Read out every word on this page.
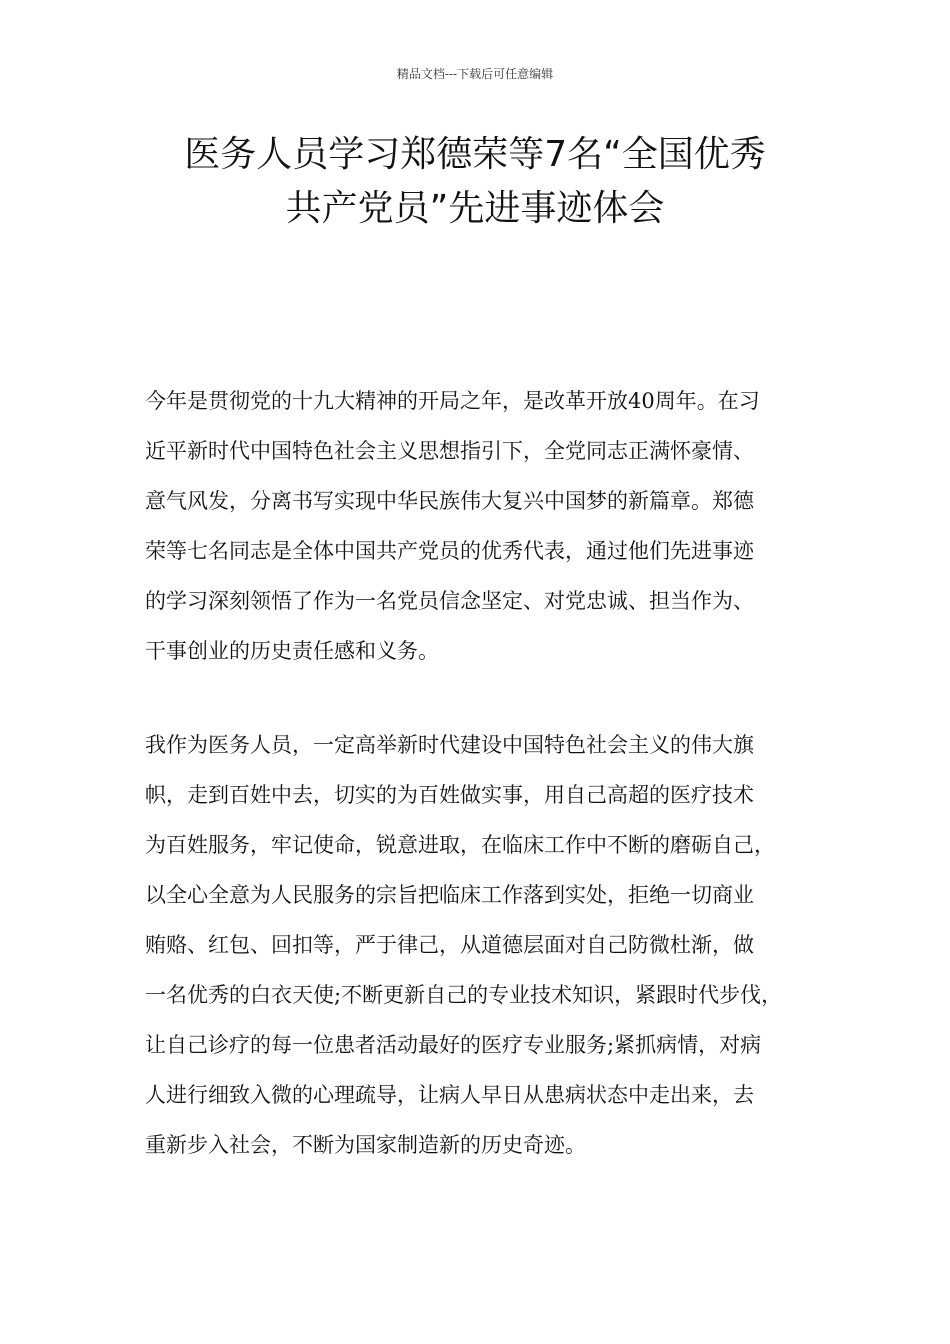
精品文档---下载后可任意编辑
医务人员学习郑德荣等7名“全国优秀
共产党员”先进事迹体会
今年是贯彻党的十九大精神的开局之年，是改革开放40周年。在习
近平新时代中国特色社会主义思想指引下，全党同志正满怀豪情、
意气风发，分离书写实现中华民族伟大复兴中国梦的新篇章。郑德
荣等七名同志是全体中国共产党员的优秀代表，通过他们先进事迹
的学习深刻领悟了作为一名党员信念坚定、对党忠诚、担当作为、
干事创业的历史责任感和义务。
我作为医务人员，一定高举新时代建设中国特色社会主义的伟大旗
帜，走到百姓中去，切实的为百姓做实事，用自己高超的医疗技术
为百姓服务，牢记使命，锐意进取，在临床工作中不断的磨砺自己，
以全心全意为人民服务的宗旨把临床工作落到实处，拒绝一切商业
贿赂、红包、回扣等，严于律己，从道德层面对自己防微杜渐，做
一名优秀的白衣天使;不断更新自己的专业技术知识，紧跟时代步伐，
让自己诊疗的每一位患者活动最好的医疗专业服务;紧抓病情，对病
人进行细致入微的心理疏导，让病人早日从患病状态中走出来，去
重新步入社会，不断为国家制造新的历史奇迹。
